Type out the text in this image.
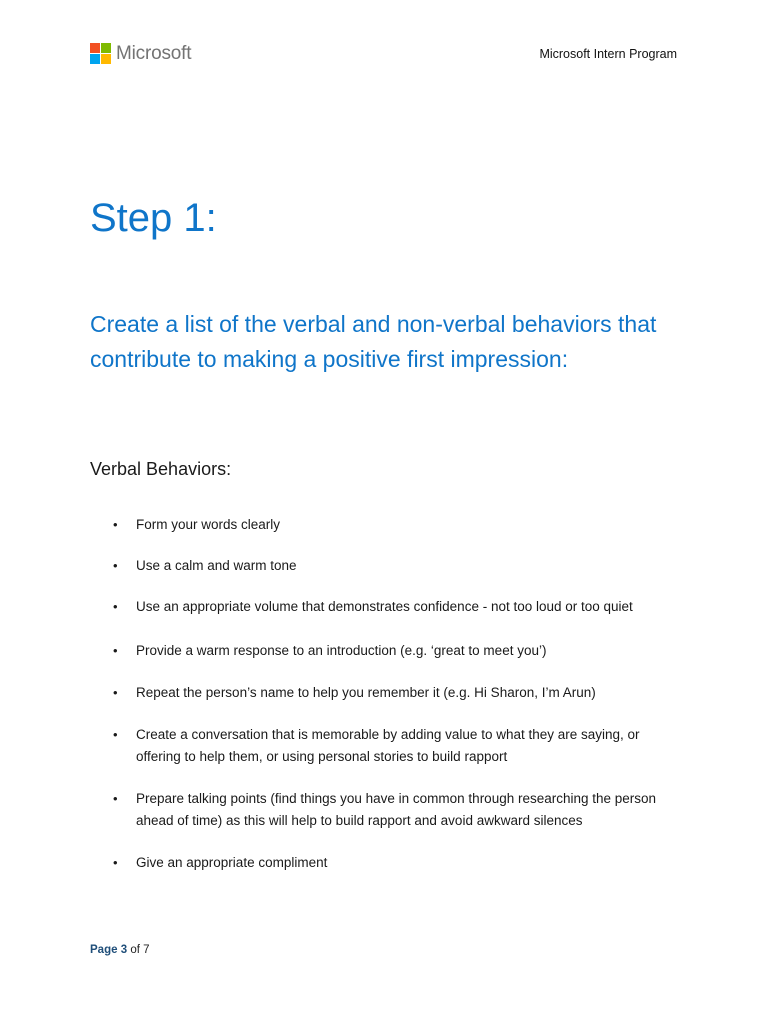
Microsoft	Microsoft Intern Program
Step 1:
Create a list of the verbal and non-verbal behaviors that contribute to making a positive first impression:
Verbal Behaviors:
• Form your words clearly
• Use a calm and warm tone
• Use an appropriate volume that demonstrates confidence - not too loud or too quiet
• Provide a warm response to an introduction (e.g. ‘great to meet you’)
• Repeat the person’s name to help you remember it (e.g. Hi Sharon, I’m Arun)
• Create a conversation that is memorable by adding value to what they are saying, or offering to help them, or using personal stories to build rapport
• Prepare talking points (find things you have in common through researching the person ahead of time) as this will help to build rapport and avoid awkward silences
• Give an appropriate compliment
Page 3 of 7
